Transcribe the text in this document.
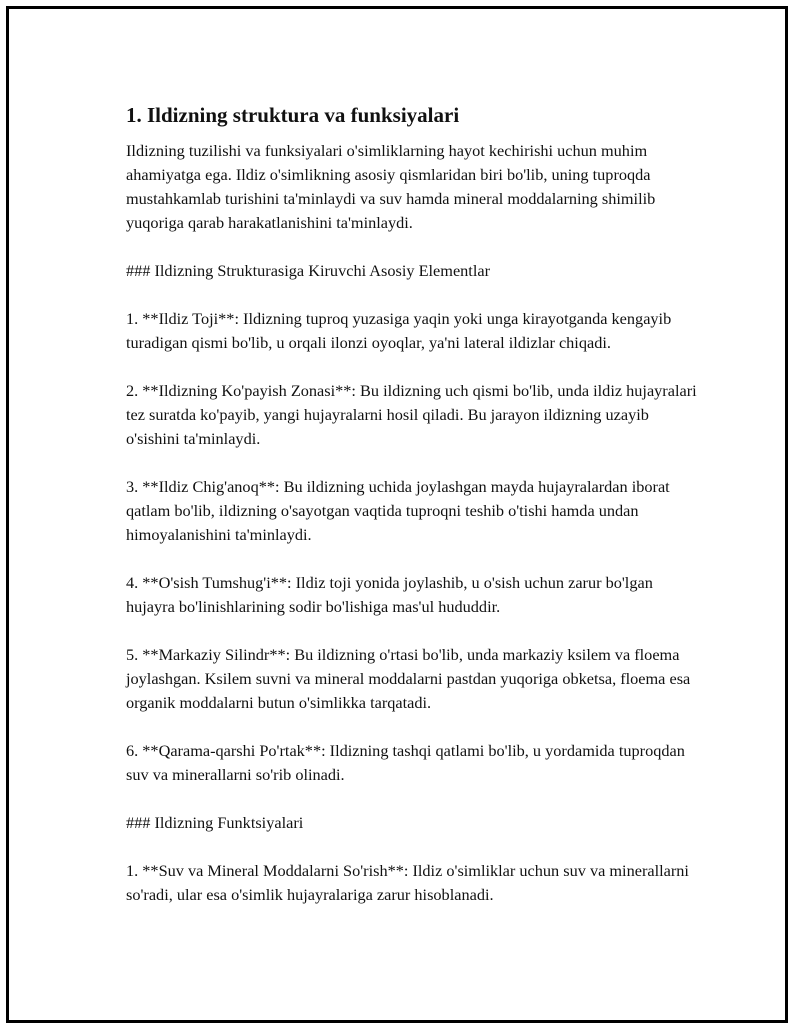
1. Ildizning struktura va funksiyalari

Ildizning tuzilishi va funksiyalari o'simliklarning hayot kechirishi uchun muhim ahamiyatga ega. Ildiz o'simlikning asosiy qismlaridan biri bo'lib, uning tuproqda mustahkamlab turishini ta'minlaydi va suv hamda mineral moddalarning shimilib yuqoriga qarab harakatlanishini ta'minlaydi.

### Ildizning Strukturasiga Kiruvchi Asosiy Elementlar

1. **Ildiz Toji**: Ildizning tuproq yuzasiga yaqin yoki unga kirayotganda kengayib turadigan qismi bo'lib, u orqali ilonzi oyoqlar, ya'ni lateral ildizlar chiqadi.

2. **Ildizning Ko'payish Zonasi**: Bu ildizning uch qismi bo'lib, unda ildiz hujayralari tez suratda ko'payib, yangi hujayralarni hosil qiladi. Bu jarayon ildizning uzayib o'sishini ta'minlaydi.

3. **Ildiz Chig'anoq**: Bu ildizning uchida joylashgan mayda hujayralardan iborat qatlam bo'lib, ildizning o'sayotgan vaqtida tuproqni teshib o'tishi hamda undan himoyalanishini ta'minlaydi.

4. **O'sish Tumshug'i**: Ildiz toji yonida joylashib, u o'sish uchun zarur bo'lgan hujayra bo'linishlarining sodir bo'lishiga mas'ul hududdir.

5. **Markaziy Silindr**: Bu ildizning o'rtasi bo'lib, unda markaziy ksilem va floema joylashgan. Ksilem suvni va mineral moddalarni pastdan yuqoriga obketsa, floema esa organik moddalarni butun o'simlikka tarqatadi.

6. **Qarama-qarshi Po'rtak**: Ildizning tashqi qatlami bo'lib, u yordamida tuproqdan suv va minerallarni so'rib olinadi.

### Ildizning Funktsiyalari

1. **Suv va Mineral Moddalarni So'rish**: Ildiz o'simliklar uchun suv va minerallarni so'radi, ular esa o'simlik hujayralariga zarur hisoblanadi.
